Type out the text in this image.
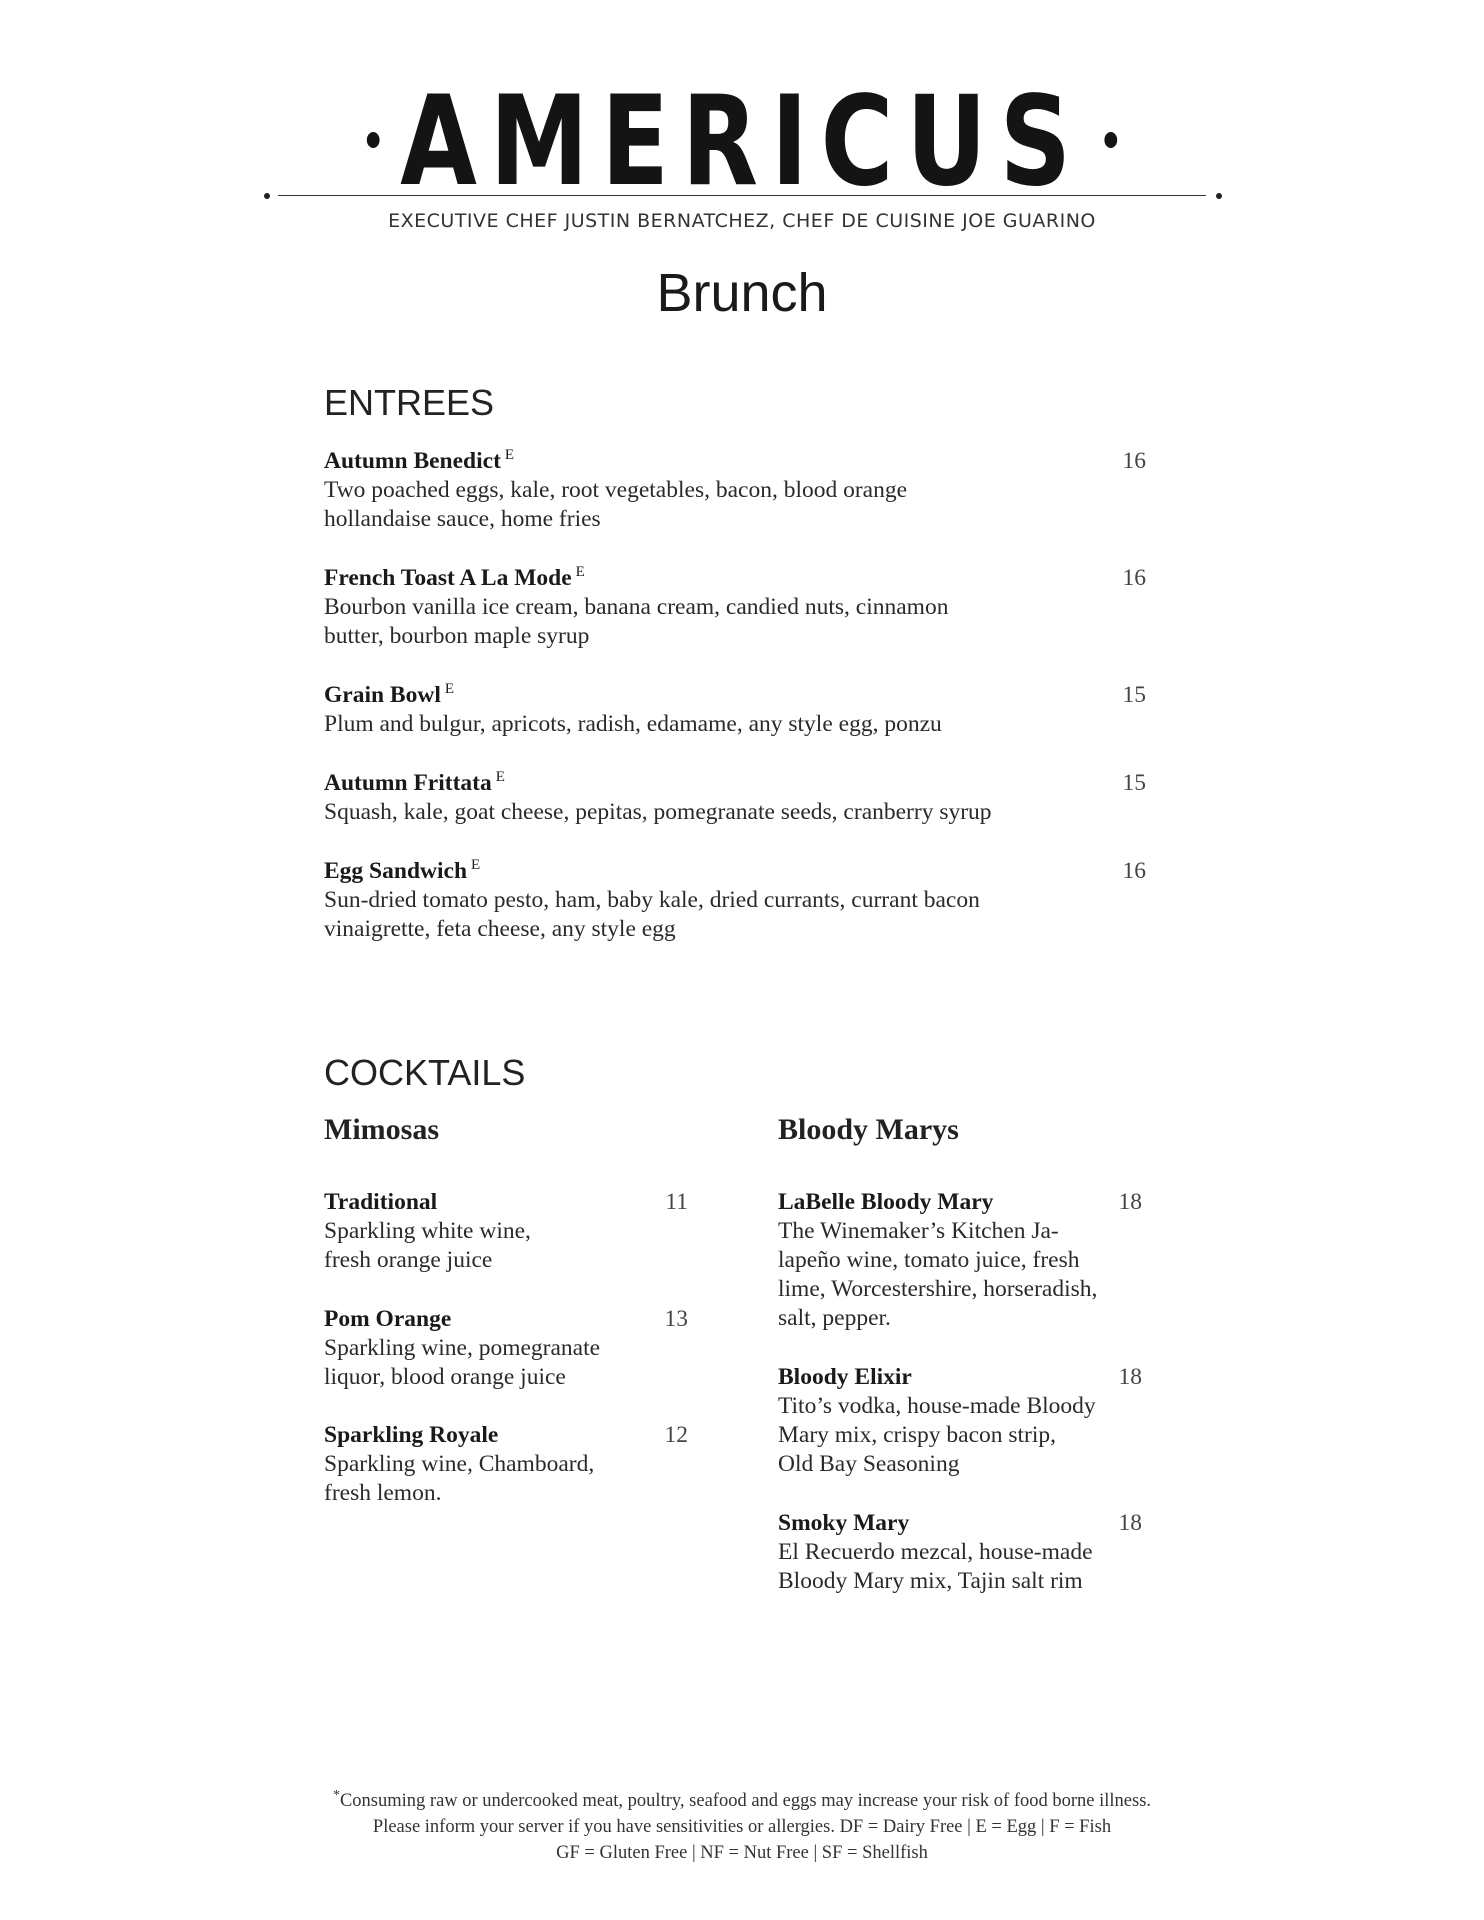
AMERICUS
EXECUTIVE CHEF JUSTIN BERNATCHEZ, CHEF DE CUISINE JOE GUARINO
Brunch
ENTREES
Autumn Benedict $^E$	16
Two poached eggs, kale, root vegetables, bacon, blood orange
hollandaise sauce, home fries
French Toast A La Mode $^E$	16
Bourbon vanilla ice cream, banana cream, candied nuts, cinnamon
butter, bourbon maple syrup
Grain Bowl $^E$	15
Plum and bulgur, apricots, radish, edamame, any style egg, ponzu
Autumn Frittata $^E$	15
Squash, kale, goat cheese, pepitas, pomegranate seeds, cranberry syrup
Egg Sandwich $^E$	16
Sun-dried tomato pesto, ham, baby kale, dried currants, currant bacon
vinaigrette, feta cheese, any style egg
COCKTAILS
Mimosas	Bloody Marys
Traditional	11
Sparkling white wine,
fresh orange juice
Pom Orange	13
Sparkling wine, pomegranate
liquor, blood orange juice
Sparkling Royale	12
Sparkling wine, Chamboard,
fresh lemon.
LaBelle Bloody Mary	18
The Winemaker’s Kitchen Ja-
lapeño wine, tomato juice, fresh
lime, Worcestershire, horseradish,
salt, pepper.
Bloody Elixir	18
Tito’s vodka, house-made Bloody
Mary mix, crispy bacon strip,
Old Bay Seasoning
Smoky Mary	18
El Recuerdo mezcal, house-made
Bloody Mary mix, Tajin salt rim
*Consuming raw or undercooked meat, poultry, seafood and eggs may increase your risk of food borne illness.
Please inform your server if you have sensitivities or allergies. DF = Dairy Free | E = Egg | F = Fish
GF = Gluten Free | NF = Nut Free | SF = Shellfish
